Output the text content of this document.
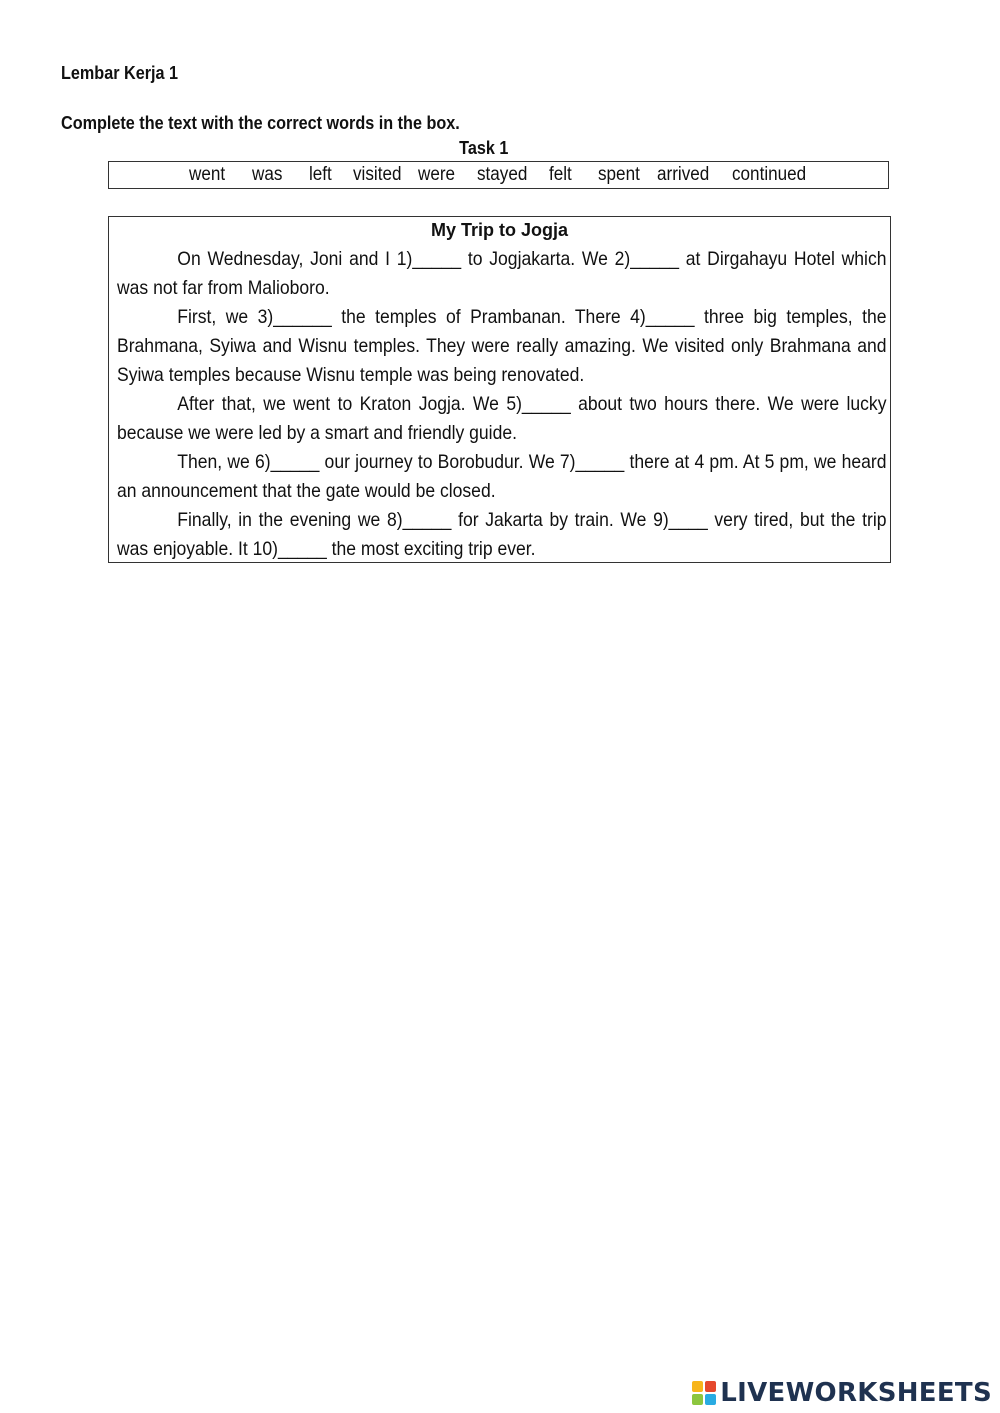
Lembar Kerja 1
Complete the text with the correct words in the box.
Task 1
went was left visited were stayed felt spent arrived continued
My Trip to Jogja

On Wednesday, Joni and I 1)_____ to Jogjakarta. We 2)_____ at Dirgahayu Hotel which was not far from Malioboro.

First, we 3)______ the temples of Prambanan. There 4)_____ three big temples, the Brahmana, Syiwa and Wisnu temples. They were really amazing. We visited only Brahmana and Syiwa temples because Wisnu temple was being renovated.

After that, we went to Kraton Jogja. We 5)_____ about two hours there. We were lucky because we were led by a smart and friendly guide.

Then, we 6)_____ our journey to Borobudur. We 7)_____ there at 4 pm. At 5 pm, we heard an announcement that the gate would be closed.

Finally, in the evening we 8)_____ for Jakarta by train. We 9)____ very tired, but the trip was enjoyable. It 10)_____ the most exciting trip ever.

LIVEWORKSHEETS
